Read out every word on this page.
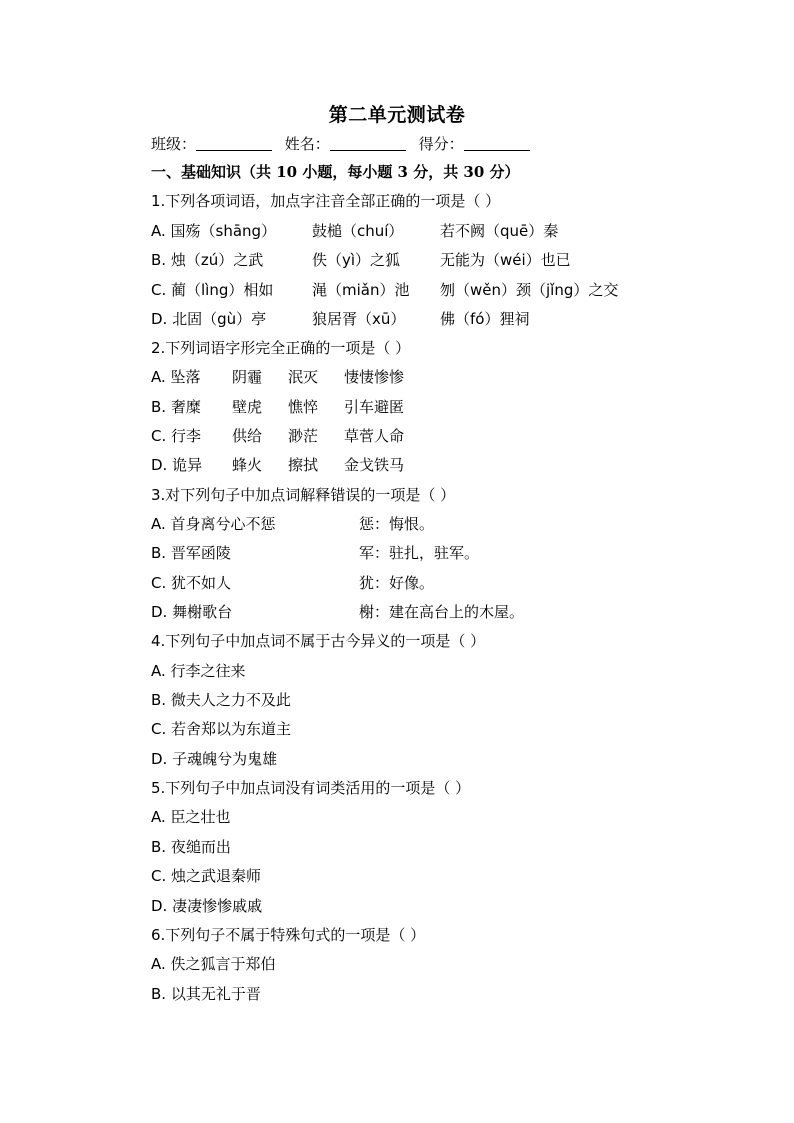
第二单元测试卷
班级：	姓名：	得分：
一、基础知识（共 10 小题，每小题 3 分，共 30 分）
1.下列各项词语，加点字注音全部正确的一项是（ ）
A. 国殇（shāng） 鼓槌（chuí） 若不阙（quē）秦
B. 烛（zú）之武	佚（yì）之狐	无能为（wéi）也已
C. 蔺（lìng）相如	渑（miǎn）池 刎（wěn）颈（jǐng）之交
D. 北固（gù）亭	狼居胥（xū） 佛（fó）狸祠
2.下列词语字形完全正确的一项是（ ）
A. 坠落 阴霾 泯灭 悽悽惨惨
B. 奢糜 壁虎 憔悴 引车避匿
C. 行李 供给 渺茫 草菅人命
D. 诡异 蜂火 擦拭 金戈铁马
3.对下列句子中加点词解释错误的一项是（ ）
A. 首身离兮心不惩	惩：悔恨。
B. 晋军函陵	军：驻扎，驻军。
C. 犹不如人	犹：好像。
D. 舞榭歌台	榭：建在高台上的木屋。
4.下列句子中加点词不属于古今异义的一项是（ ）
A. 行李之往来
B. 微夫人之力不及此
C. 若舍郑以为东道主
D. 子魂魄兮为鬼雄
5.下列句子中加点词没有词类活用的一项是（ ）
A. 臣之壮也
B. 夜缒而出
C. 烛之武退秦师
D. 凄凄惨惨戚戚
6.下列句子不属于特殊句式的一项是（ ）
A. 佚之狐言于郑伯
B. 以其无礼于晋
